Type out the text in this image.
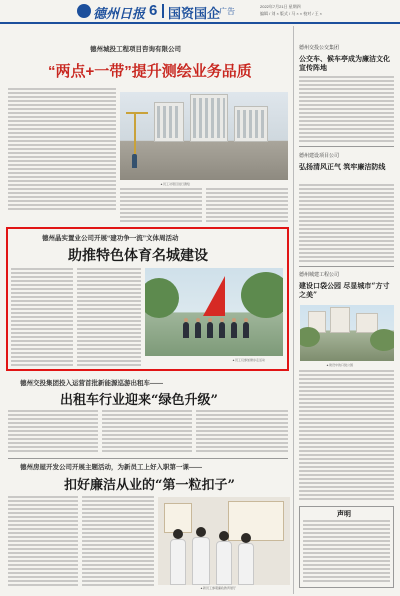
德州日报 6 国资国企
广告
2022年7月21日 星期四
编辑 / 刘 × 版式 / 马 × × 校对 / 王 ×
德州城投工程项目咨询有限公司
“两点+一带”提升测绘业务品质
▲员工对项目进行测绘
德州晶实置业公司开展“建功争一流”文体周活动
助推特色体育名城建设
▲员工们参加健步走活动
德州交投集团投入运营首批新能源巡游出租车——
出租车行业迎来“绿色升级”
德州房屋开发公司开展主题活动，为新员工上好入职第一课——
扣好廉洁从业的“第一粒扣子”
▲新员工参观廉政教育展厅
德州交投公交集团
公交车、候车亭成为廉洁文化宣传阵地
德州建设项目公司
弘扬清风正气 筑牢廉洁防线
德州城建工程公司
建设口袋公园 尽显城市“方寸之美”
▲建设中的口袋公园
声明
